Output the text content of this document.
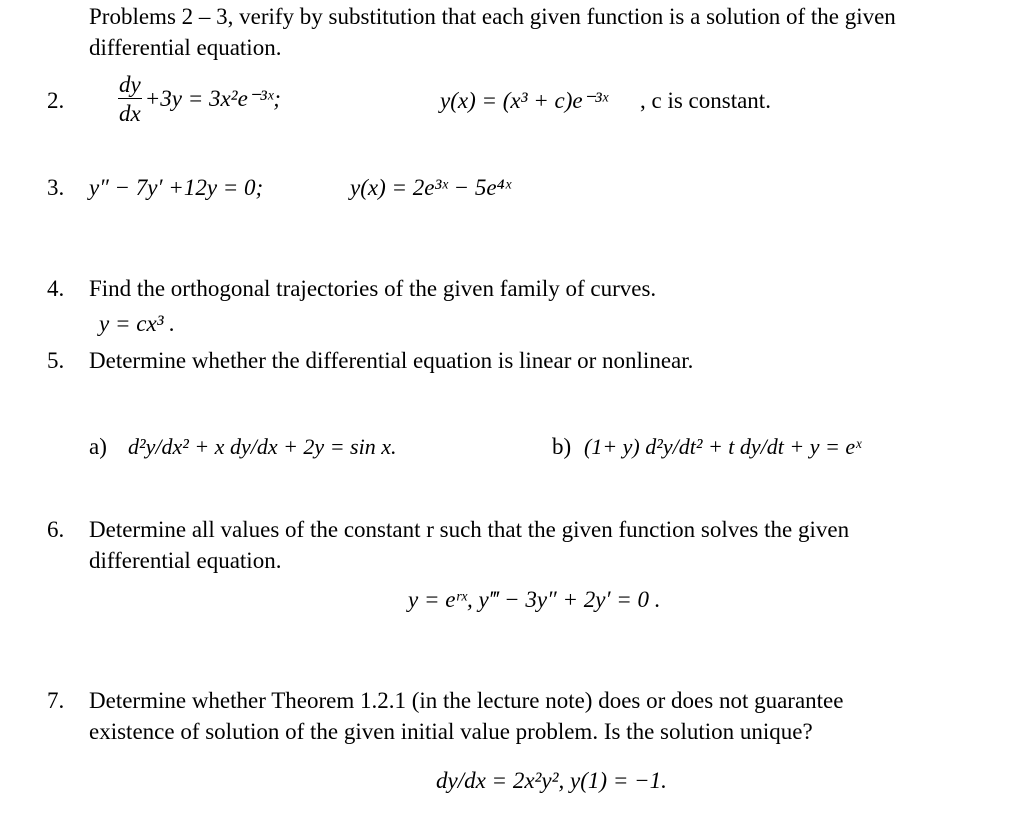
Problems 2 – 3, verify by substitution that each given function is a solution of the given
differential equation.
2. $\frac{dy}{dx} +3y$ = 3x²e⁻³ˣ;	y(x) = (x³ + c)e⁻³ˣ , c is constant.
3. y″ − 7y′ +12y = 0;	y(x) = 2e³ˣ − 5e⁴ˣ
4. Find the orthogonal trajectories of the given family of curves.
y = cx³ .
5. Determine whether the differential equation is linear or nonlinear.
a) d²y/dx² + x dy/dx + 2y = sin x.	b) (1+ y) d²y/dt² + t dy/dt + y = eˣ
6. Determine all values of the constant r such that the given function solves the given
differential equation.
y = eʳˣ, y‴ − 3y″ + 2y′ = 0 .
7. Determine whether Theorem 1.2.1 (in the lecture note) does or does not guarantee
existence of solution of the given initial value problem. Is the solution unique?
dy/dx = 2x²y², y(1) = −1.
